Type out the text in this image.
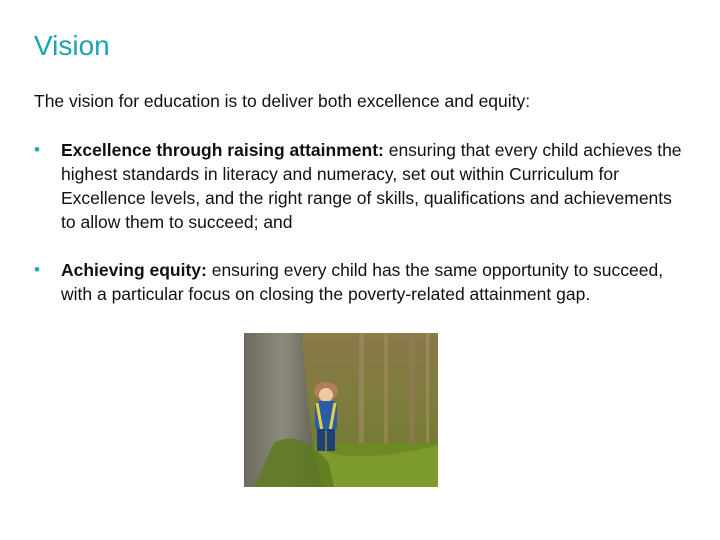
Vision

The vision for education is to deliver both excellence and equity:

• Excellence through raising attainment: ensuring that every child achieves the highest standards in literacy and numeracy, set out within Curriculum for Excellence levels, and the right range of skills, qualifications and achievements to allow them to succeed; and
• Achieving equity: ensuring every child has the same opportunity to succeed, with a particular focus on closing the poverty-related attainment gap.
